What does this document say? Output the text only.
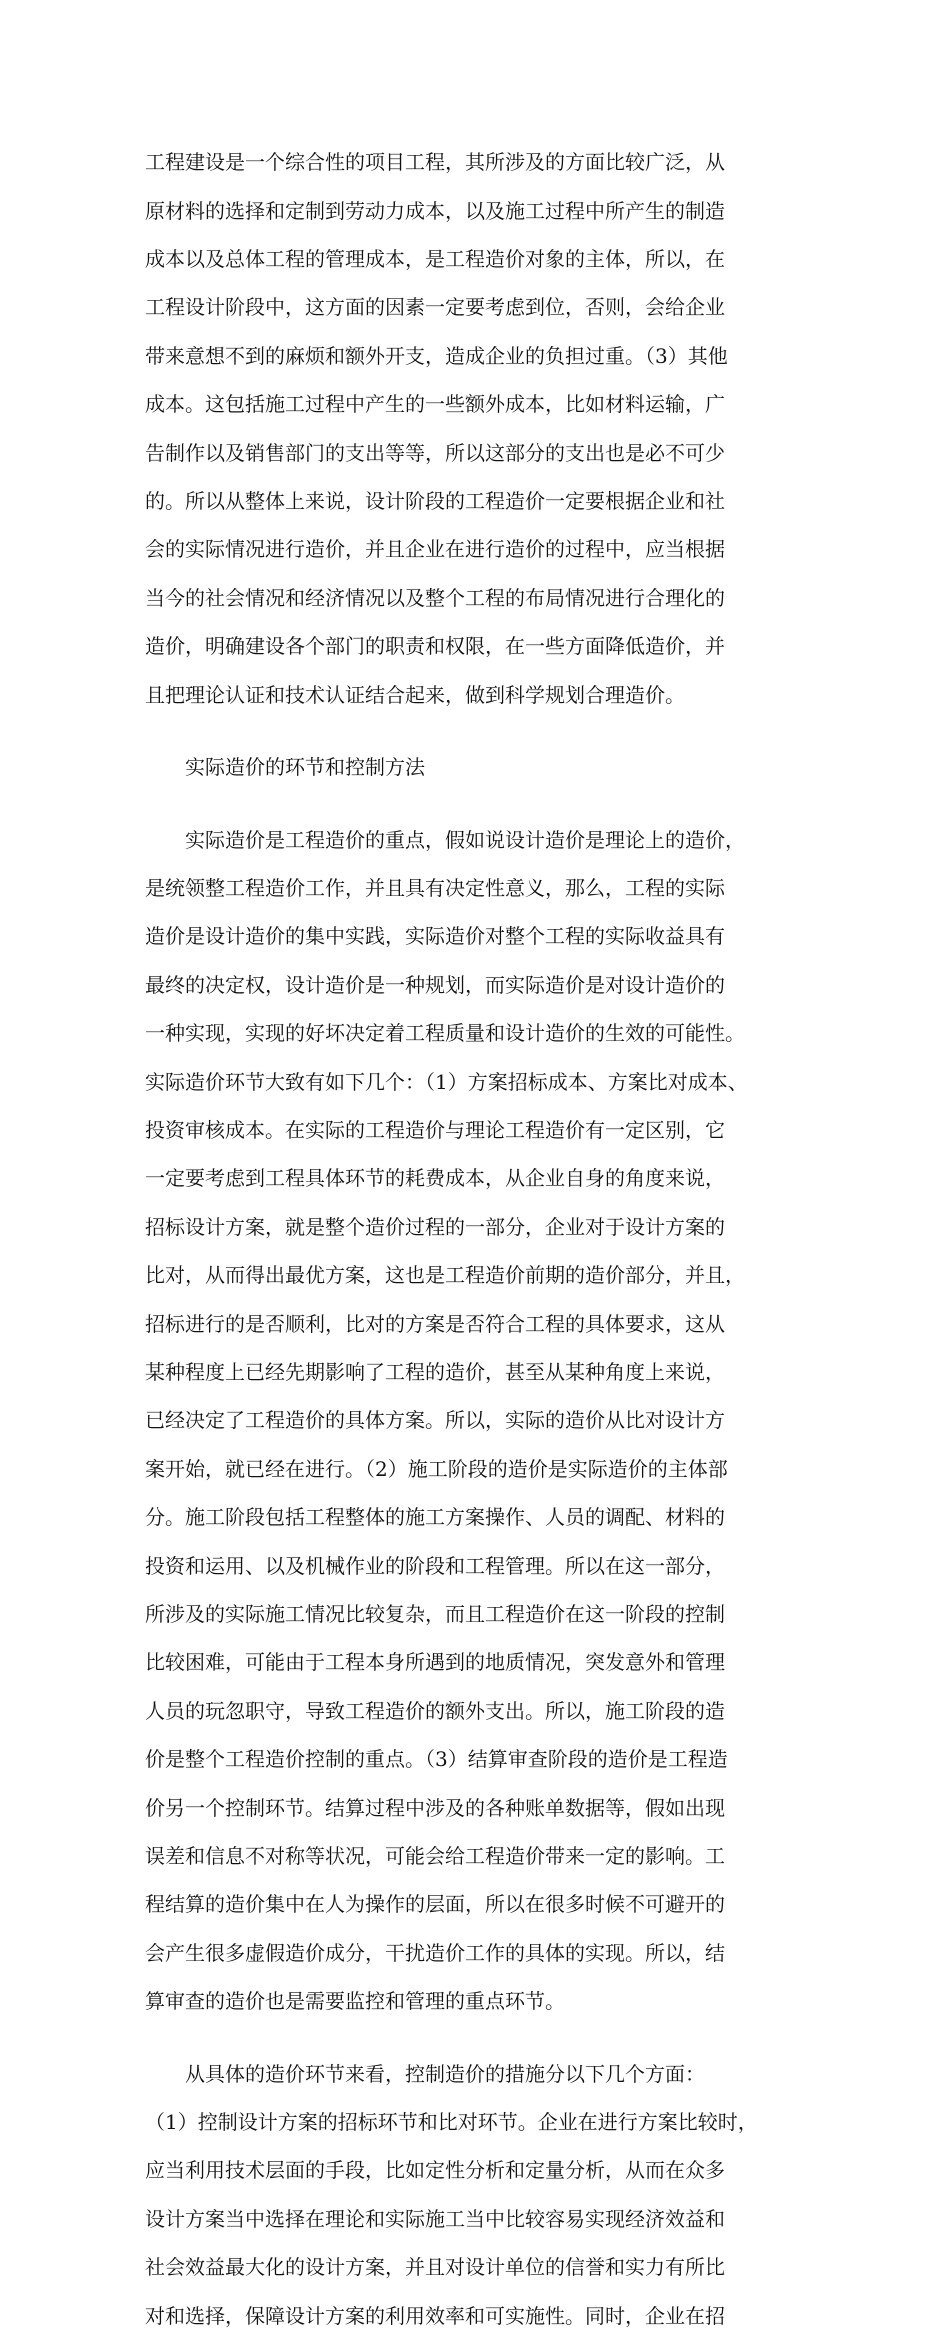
工程建设是一个综合性的项目工程，其所涉及的方面比较广泛，从

原材料的选择和定制到劳动力成本，以及施工过程中所产生的制造

成本以及总体工程的管理成本，是工程造价对象的主体，所以，在

工程设计阶段中，这方面的因素一定要考虑到位，否则，会给企业

带来意想不到的麻烦和额外开支，造成企业的负担过重。（3）其他

成本。这包括施工过程中产生的一些额外成本，比如材料运输，广

告制作以及销售部门的支出等等，所以这部分的支出也是必不可少

的。所以从整体上来说，设计阶段的工程造价一定要根据企业和社

会的实际情况进行造价，并且企业在进行造价的过程中，应当根据

当今的社会情况和经济情况以及整个工程的布局情况进行合理化的

造价，明确建设各个部门的职责和权限，在一些方面降低造价，并

且把理论认证和技术认证结合起来，做到科学规划合理造价。

实际造价的环节和控制方法

实际造价是工程造价的重点，假如说设计造价是理论上的造价，

是统领整工程造价工作，并且具有决定性意义，那么，工程的实际

造价是设计造价的集中实践，实际造价对整个工程的实际收益具有

最终的决定权，设计造价是一种规划，而实际造价是对设计造价的

一种实现，实现的好坏决定着工程质量和设计造价的生效的可能性。

实际造价环节大致有如下几个：（1）方案招标成本、方案比对成本、

投资审核成本。在实际的工程造价与理论工程造价有一定区别，它

一定要考虑到工程具体环节的耗费成本，从企业自身的角度来说，

招标设计方案，就是整个造价过程的一部分，企业对于设计方案的

比对，从而得出最优方案，这也是工程造价前期的造价部分，并且，

招标进行的是否顺利，比对的方案是否符合工程的具体要求，这从

某种程度上已经先期影响了工程的造价，甚至从某种角度上来说，

已经决定了工程造价的具体方案。所以，实际的造价从比对设计方

案开始，就已经在进行。（2）施工阶段的造价是实际造价的主体部

分。施工阶段包括工程整体的施工方案操作、人员的调配、材料的

投资和运用、以及机械作业的阶段和工程管理。所以在这一部分，

所涉及的实际施工情况比较复杂，而且工程造价在这一阶段的控制

比较困难，可能由于工程本身所遇到的地质情况，突发意外和管理

人员的玩忽职守，导致工程造价的额外支出。所以，施工阶段的造

价是整个工程造价控制的重点。（3）结算审查阶段的造价是工程造

价另一个控制环节。结算过程中涉及的各种账单数据等，假如出现

误差和信息不对称等状况，可能会给工程造价带来一定的影响。工

程结算的造价集中在人为操作的层面，所以在很多时候不可避开的

会产生很多虚假造价成分，干扰造价工作的具体的实现。所以，结

算审查的造价也是需要监控和管理的重点环节。

从具体的造价环节来看，控制造价的措施分以下几个方面：

（1）控制设计方案的招标环节和比对环节。企业在进行方案比较时，

应当利用技术层面的手段，比如定性分析和定量分析，从而在众多

设计方案当中选择在理论和实际施工当中比较容易实现经济效益和

社会效益最大化的设计方案，并且对设计单位的信誉和实力有所比

对和选择，保障设计方案的利用效率和可实施性。同时，企业在招
